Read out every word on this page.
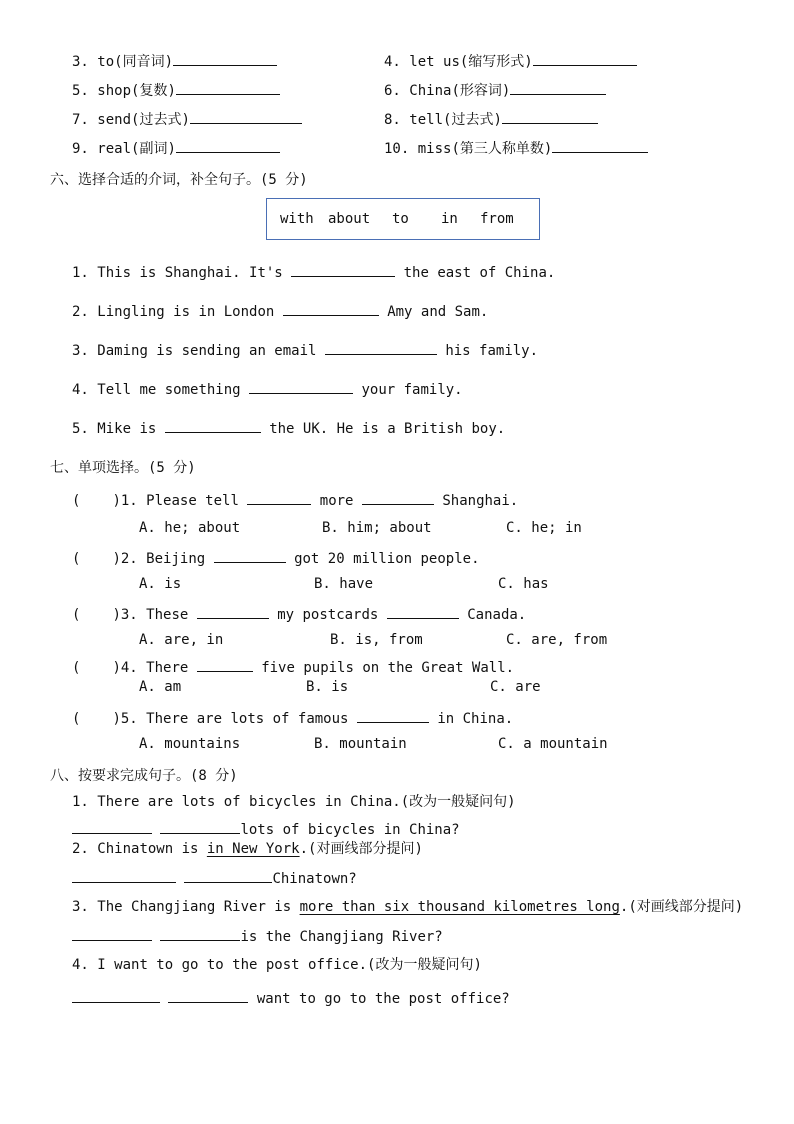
3. to(同音词)	4. let us(缩写形式)
5. shop(复数)	6. China(形容词)
7. send(过去式)	8. tell(过去式)
9. real(副词)	10. miss(第三人称单数)
六、选择合适的介词，补全句子。(5 分)
with about to in from
1. This is Shanghai. It's	the east of China.
2. Lingling is in London	Amy and Sam.
3. Daming is sending an email	his family.
4. Tell me something	your family.
5. Mike is	the UK. He is a British boy.
七、单项选择。(5 分)
( )1. Please tell	more	Shanghai.
A. he; about	B. him; about	C. he; in
( )2. Beijing	got 20 million people.
A. is	B. have	C. has
( )3. These	my postcards	Canada.
A. are, in	B. is, from	C. are, from
( )4. There	five pupils on the Great Wall.
A. am	B. is	C. are
( )5. There are lots of famous	in China.
A. mountains	B. mountain	C. a mountain
八、按要求完成句子。(8 分)
1. There are lots of bicycles in China.(改为一般疑问句)
lots of bicycles in China?
2. Chinatown is in New York.(对画线部分提问)
Chinatown?
3. The Changjiang River is more than six thousand kilometres long.(对画线部分提问)
is the Changjiang River?
4. I want to go to the post office.(改为一般疑问句)
want to go to the post office?
